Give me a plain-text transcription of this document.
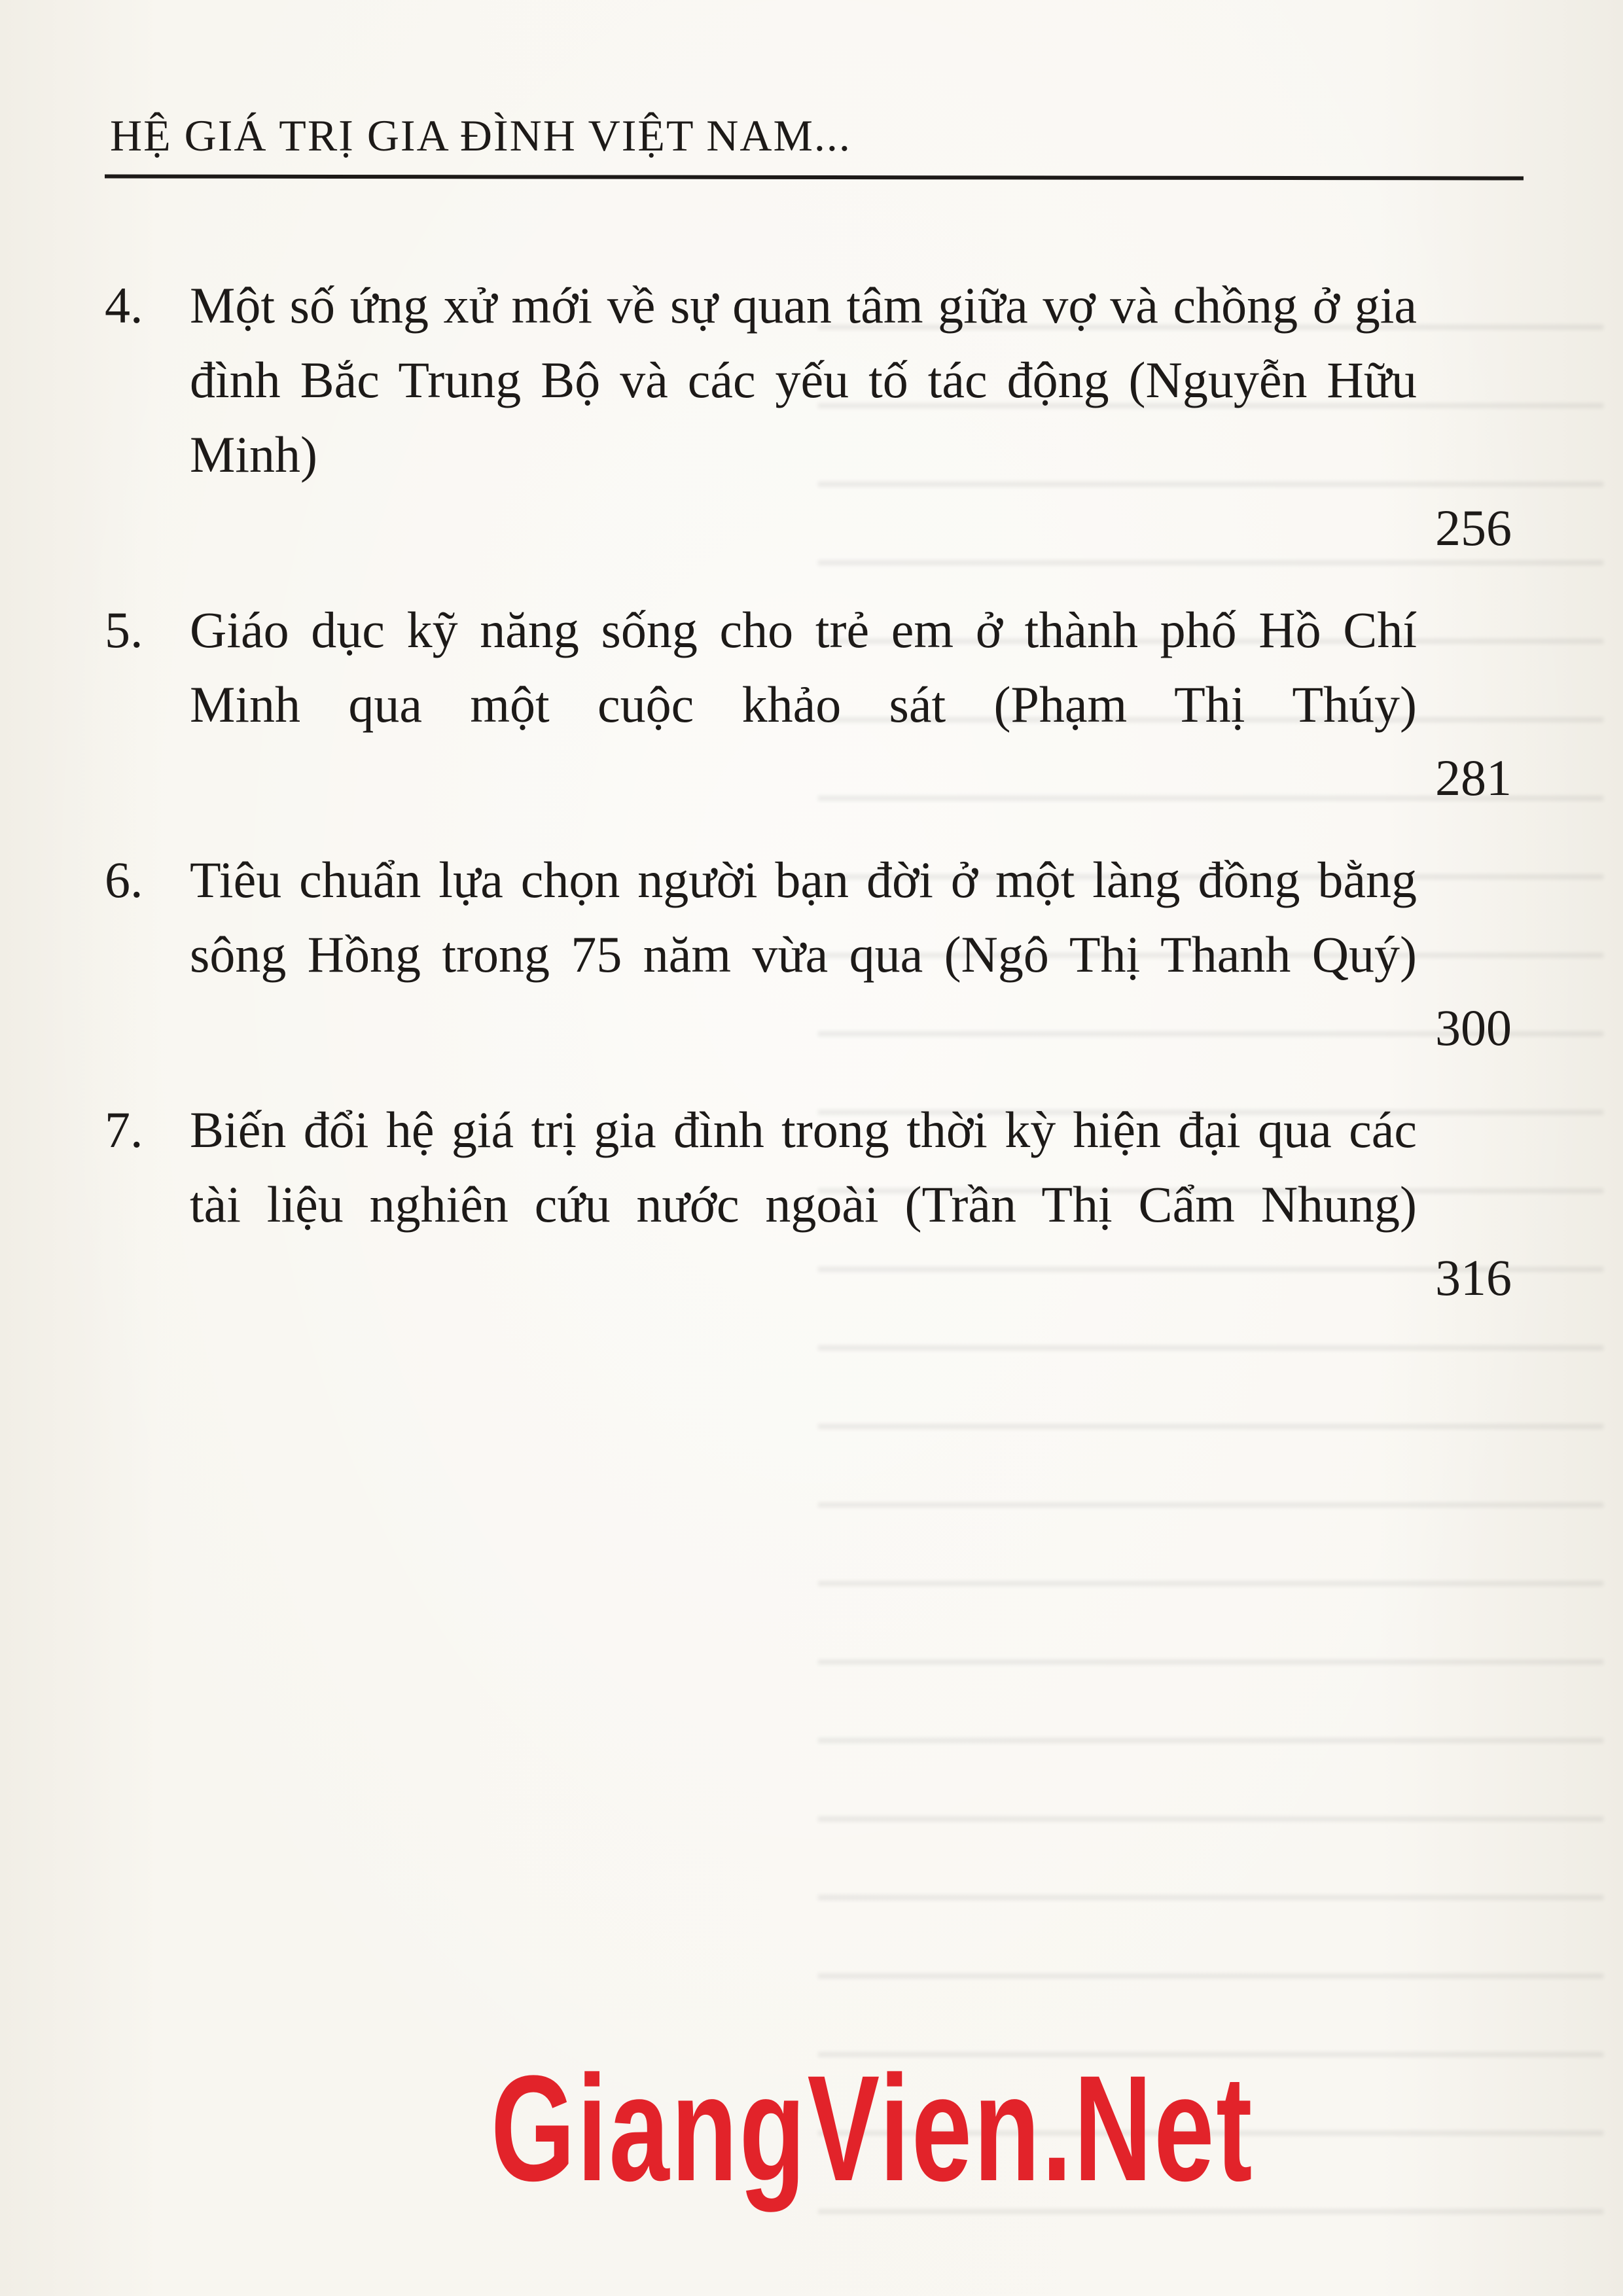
HỆ GIÁ TRỊ GIA ĐÌNH VIỆT NAM...
4. Một số ứng xử mới về sự quan tâm giữa vợ và chồng ở gia đình Bắc Trung Bộ và các yếu tố tác động (Nguyễn Hữu Minh)
256
5. Giáo dục kỹ năng sống cho trẻ em ở thành phố Hồ Chí Minh qua một cuộc khảo sát (Phạm Thị Thúy)
281
6. Tiêu chuẩn lựa chọn người bạn đời ở một làng đồng bằng sông Hồng trong 75 năm vừa qua (Ngô Thị Thanh Quý)
300
7. Biến đổi hệ giá trị gia đình trong thời kỳ hiện đại qua các tài liệu nghiên cứu nước ngoài (Trần Thị Cẩm Nhung)
316
GiangVien.Net
